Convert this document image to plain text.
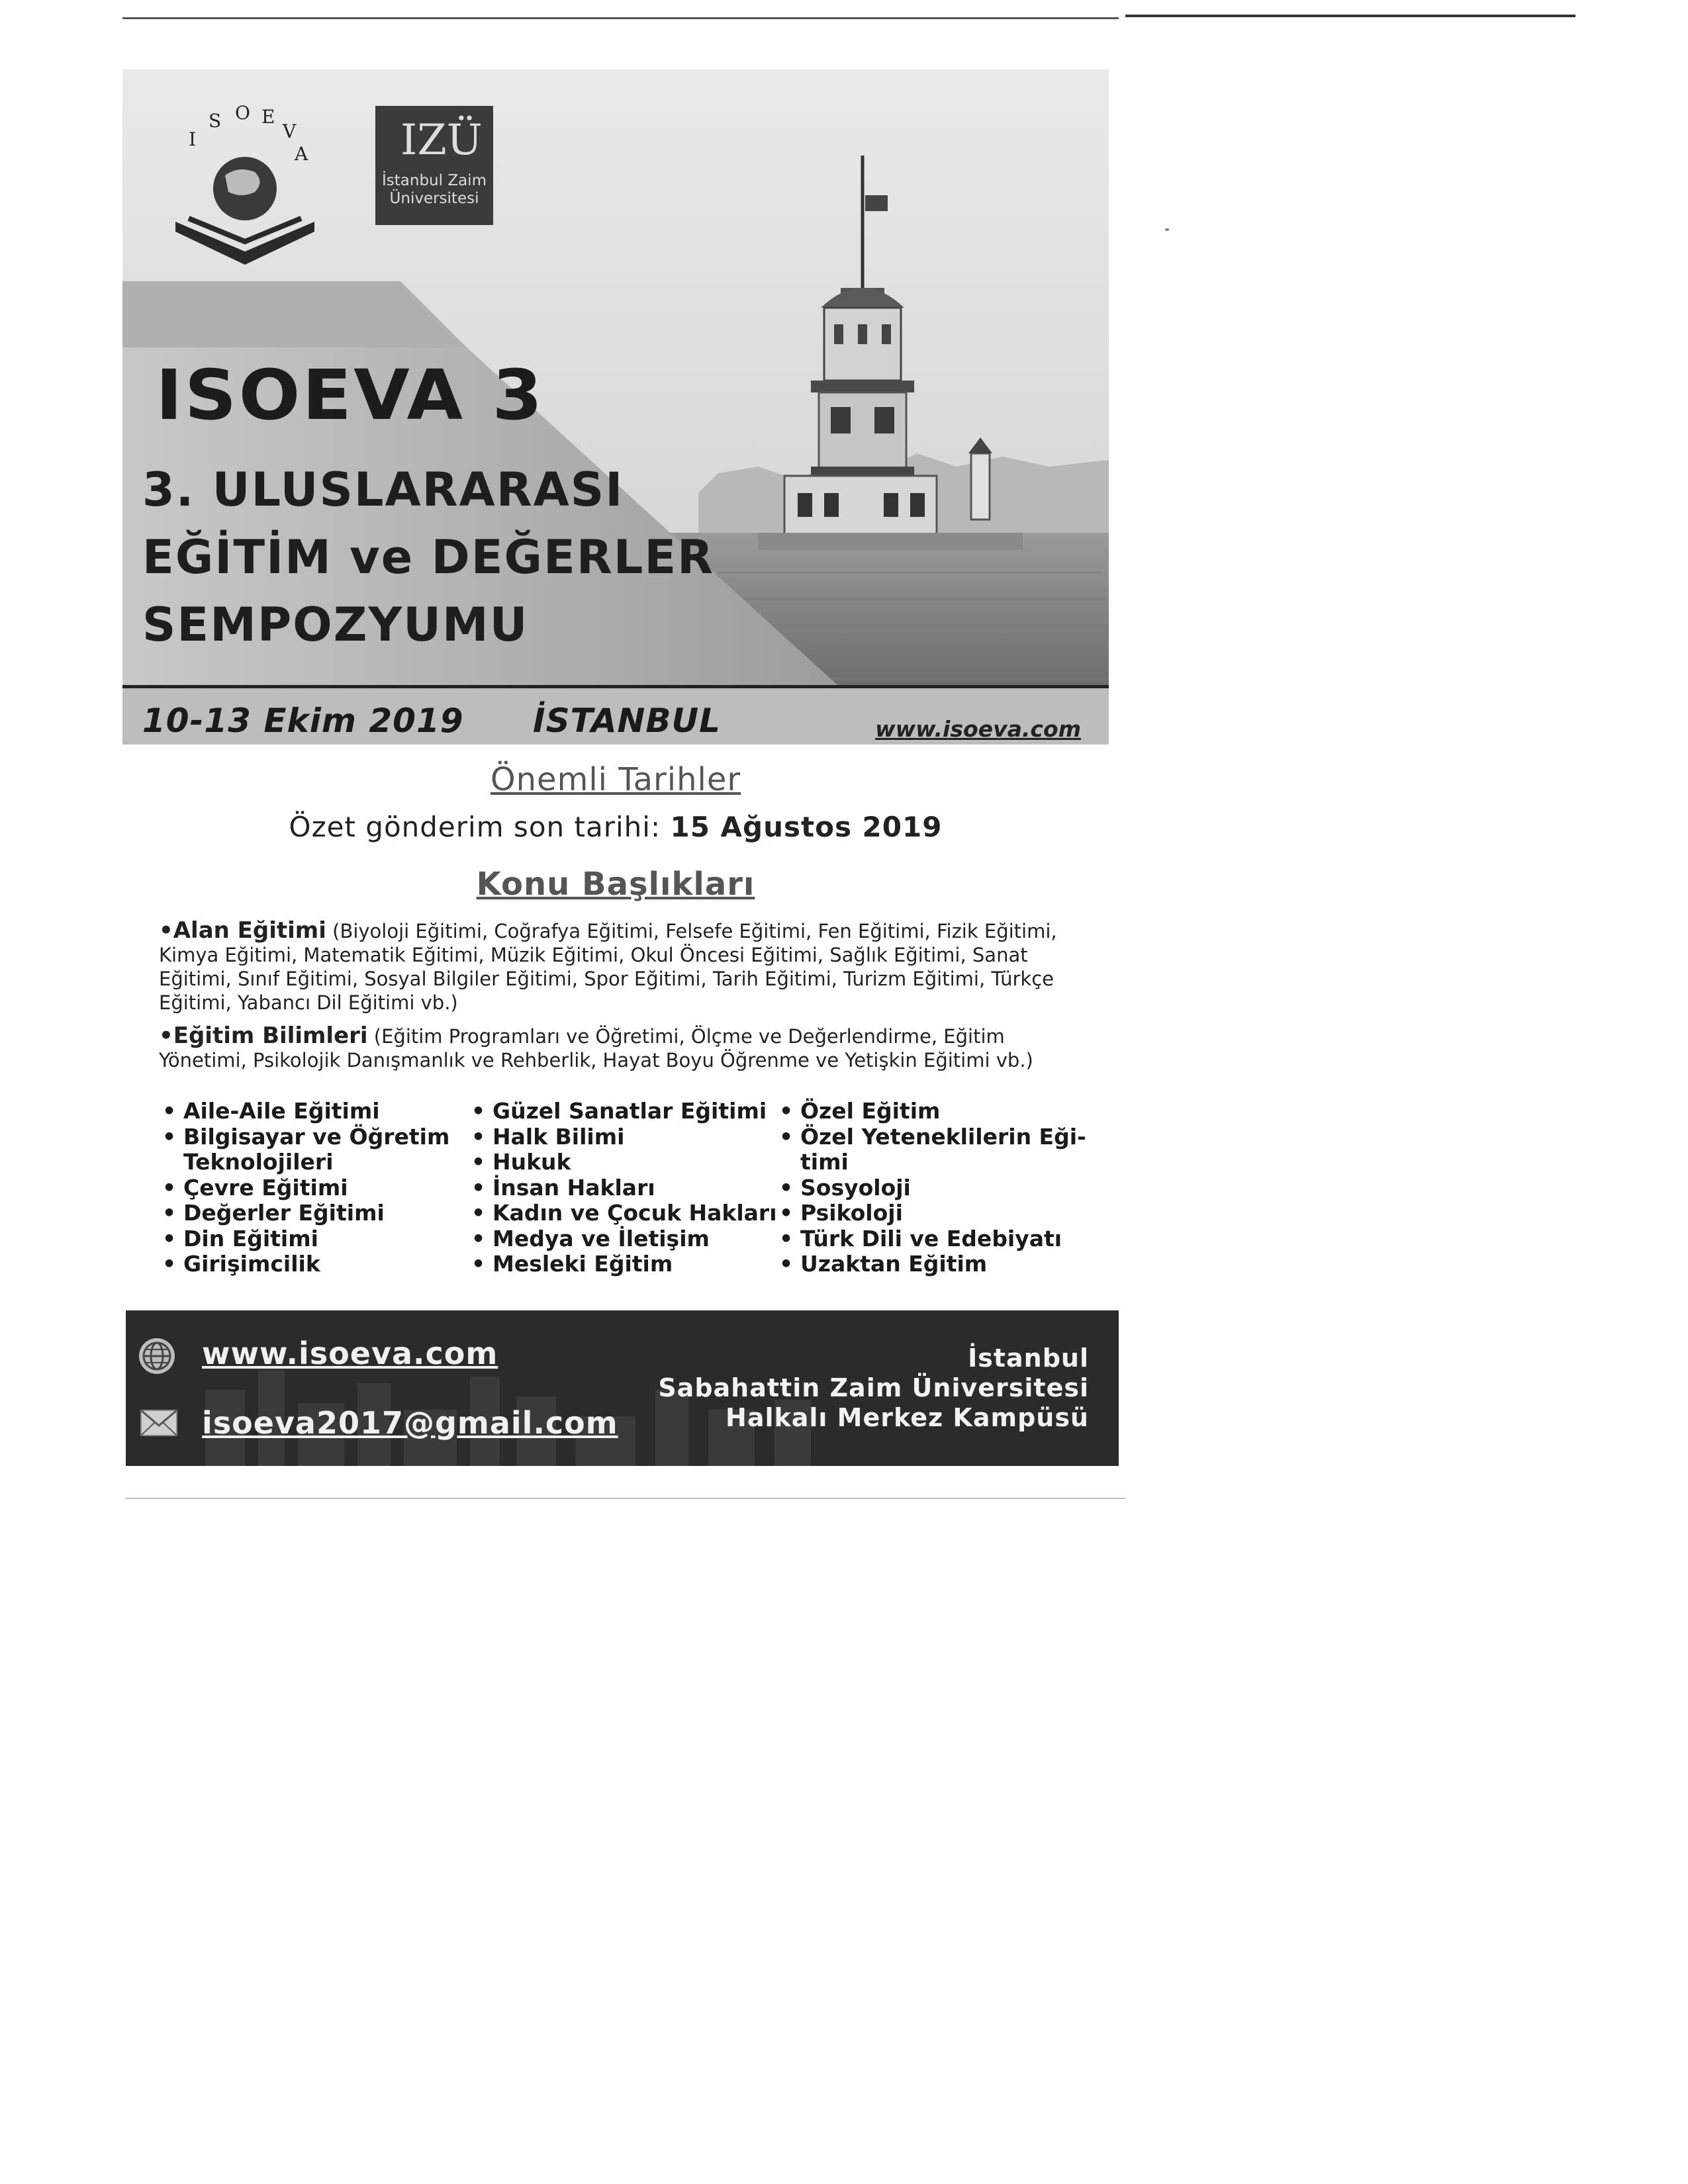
I
S O E
V
A IZÜ
İstanbul Zaim
Üniversitesi
ISOEVA 3
3. ULUSLARARASI
EĞİTİM ve DEĞERLER
SEMPOZYUMU
10-13 Ekim 2019 İSTANBUL	www.isoeva.com
Önemli Tarihler
Özet gönderim son tarihi: 15 Ağustos 2019
Konu Başlıkları
•Alan Eğitimi (Biyoloji Eğitimi, Coğrafya Eğitimi, Felsefe Eğitimi, Fen Eğitimi, Fizik Eğitimi, Kimya Eğitimi, Matematik Eğitimi, Müzik Eğitimi, Okul Öncesi Eğitimi, Sağlık Eğitimi, Sanat Eğitimi, Sınıf Eğitimi, Sosyal Bilgiler Eğitimi, Spor Eğitimi, Tarih Eğitimi, Turizm Eğitimi, Türkçe Eğitimi, Yabancı Dil Eğitimi vb.)
•Eğitim Bilimleri (Eğitim Programları ve Öğretimi, Ölçme ve Değerlendirme, Eğitim Yönetimi, Psikolojik Danışmanlık ve Rehberlik, Hayat Boyu Öğrenme ve Yetişkin Eğitimi vb.)
• Aile-Aile Eğitimi
• Bilgisayar ve Öğretim
Teknolojileri
• Çevre Eğitimi
• Değerler Eğitimi
• Din Eğitimi
• Girişimcilik
• Güzel Sanatlar Eğitimi
• Halk Bilimi
• Hukuk
• İnsan Hakları
• Kadın ve Çocuk Hakları
• Medya ve İletişim
• Mesleki Eğitim
• Özel Eğitim
• Özel Yeteneklilerin Eği-
timi
• Sosyoloji
• Psikoloji
• Türk Dili ve Edebiyatı
• Uzaktan Eğitim
www.isoeva.com
isoeva2017@gmail.com
İstanbul
Sabahattin Zaim Üniversitesi
Halkalı Merkez Kampüsü
